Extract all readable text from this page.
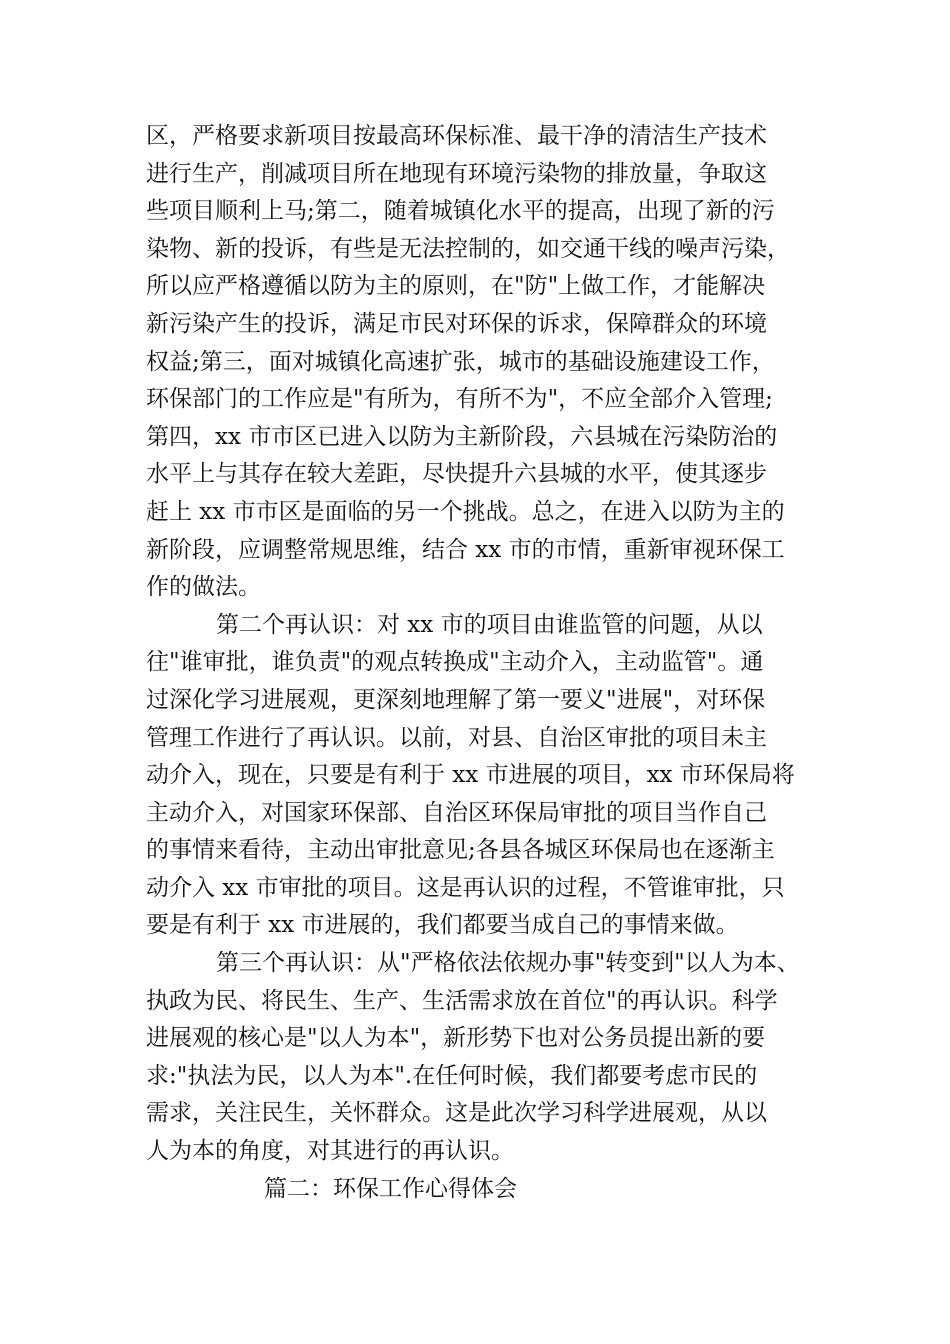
区，严格要求新项目按最高环保标准、最干净的清洁生产技术
进行生产，削减项目所在地现有环境污染物的排放量，争取这
些项目顺利上马;第二，随着城镇化水平的提高，出现了新的污
染物、新的投诉，有些是无法控制的，如交通干线的噪声污染，
所以应严格遵循以防为主的原则，在"防"上做工作，才能解决
新污染产生的投诉，满足市民对环保的诉求，保障群众的环境
权益;第三，面对城镇化高速扩张，城市的基础设施建设工作，
环保部门的工作应是"有所为，有所不为"，不应全部介入管理;
第四，xx 市市区已进入以防为主新阶段，六县城在污染防治的
水平上与其存在较大差距，尽快提升六县城的水平，使其逐步
赶上 xx 市市区是面临的另一个挑战。总之，在进入以防为主的
新阶段，应调整常规思维，结合 xx 市的市情，重新审视环保工
作的做法。
第二个再认识：对 xx 市的项目由谁监管的问题，从以
往"谁审批，谁负责"的观点转换成"主动介入，主动监管"。通
过深化学习进展观，更深刻地理解了第一要义"进展"，对环保
管理工作进行了再认识。以前，对县、自治区审批的项目未主
动介入，现在，只要是有利于 xx 市进展的项目，xx 市环保局将
主动介入，对国家环保部、自治区环保局审批的项目当作自己
的事情来看待，主动出审批意见;各县各城区环保局也在逐渐主
动介入 xx 市审批的项目。这是再认识的过程，不管谁审批，只
要是有利于 xx 市进展的，我们都要当成自己的事情来做。
第三个再认识：从"严格依法依规办事"转变到"以人为本、
执政为民、将民生、生产、生活需求放在首位"的再认识。科学
进展观的核心是"以人为本"，新形势下也对公务员提出新的要
求:"执法为民，以人为本".在任何时候，我们都要考虑市民的
需求，关注民生，关怀群众。这是此次学习科学进展观，从以
人为本的角度，对其进行的再认识。
篇二：环保工作心得体会
